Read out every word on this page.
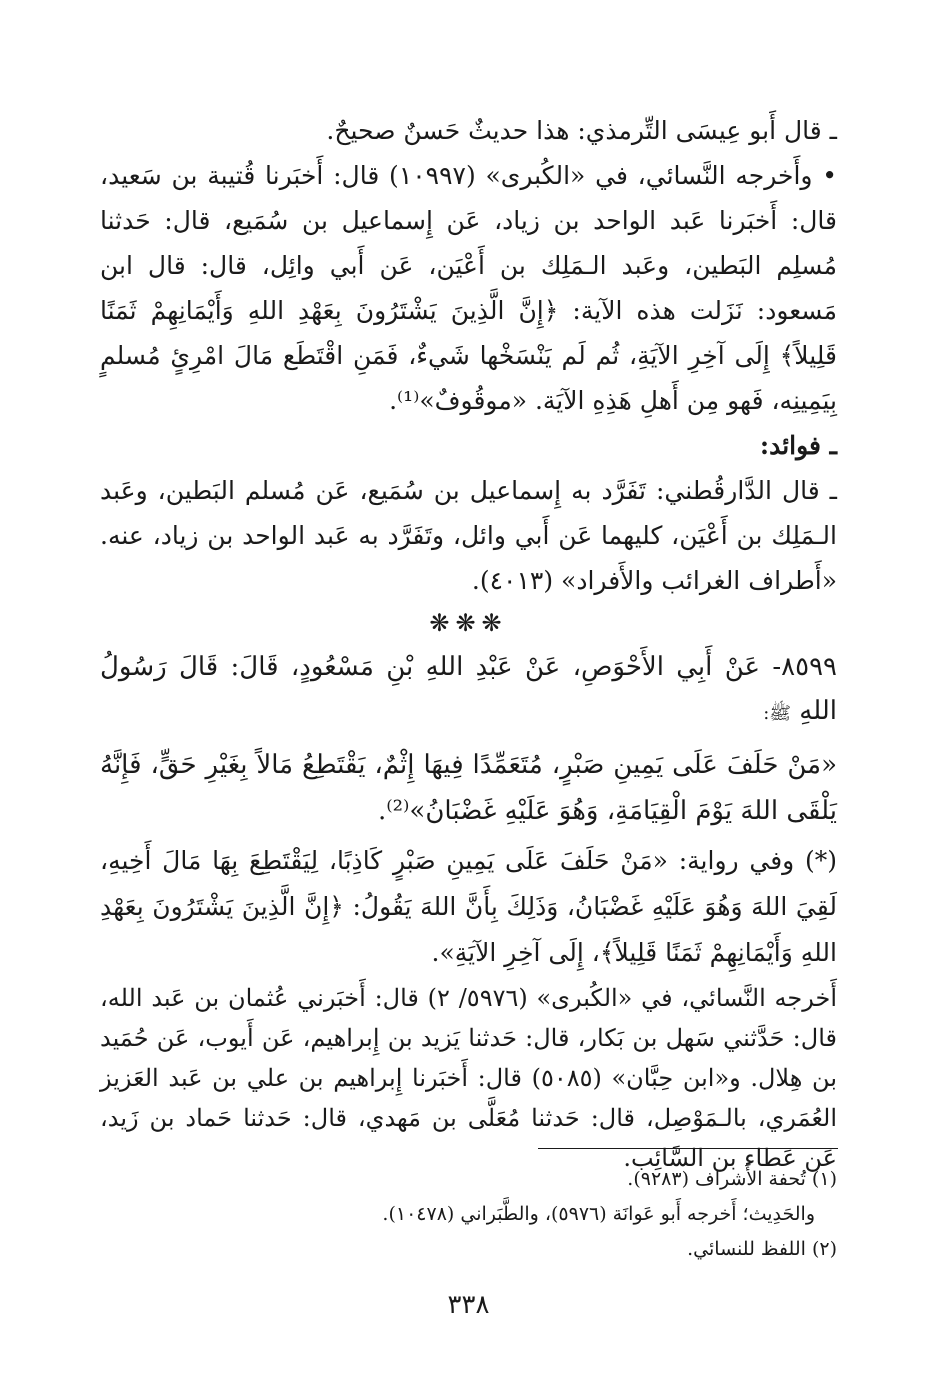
ـ قال أَبو عِيسَى التِّرمذي: هذا حديثٌ حَسنٌ صحيحٌ.

• وأَخرجه النَّسائي، في «الكُبرى» (١٠٩٩٧) قال: أَخبَرنا قُتيبة بن سَعيد، قال: أَخبَرنا عَبد الواحد بن زياد، عَن إِسماعيل بن سُمَيع، قال: حَدثنا مُسلِم البَطين، وعَبد الـمَلِك بن أَعْيَن، عَن أَبي وائِل، قال: قال ابن مَسعود: نَزَلت هذه الآية: ﴿إِنَّ الَّذِينَ يَشْتَرُونَ بِعَهْدِ اللهِ وَأَيْمَانِهِمْ ثَمَنًا قَلِيلاً﴾ إِلَى آخِرِ الآيَةِ، ثُم لَم يَنْسَخْها شَيءٌ، فَمَنِ اقْتَطَع مَالَ امْرِئٍ مُسلمٍ بِيَمِينِه، فَهو مِن أَهلِ هَذِهِ الآيَة. «موقُوفٌ»⁽¹⁾.

ـ فوائد:

ـ قال الدَّارقُطني: تَفَرَّد به إِسماعيل بن سُمَيع، عَن مُسلم البَطين، وعَبد الـمَلِك بن أَعْيَن، كليهما عَن أَبي وائل، وتَفَرَّد به عَبد الواحد بن زياد، عنه. «أَطراف الغرائب والأَفراد» (٤٠١٣).

❋❋❋

٨٥٩٩- عَنْ أَبِي الأَحْوَصِ، عَنْ عَبْدِ اللهِ بْنِ مَسْعُودٍ، قَالَ: قَالَ رَسُولُ اللهِ ﷺ:

«مَنْ حَلَفَ عَلَى يَمِينِ صَبْرٍ، مُتَعَمِّدًا فِيهَا إِثْمٌ، يَقْتَطِعُ مَالاً بِغَيْرِ حَقٍّ، فَإِنَّهُ يَلْقَى اللهَ يَوْمَ الْقِيَامَةِ، وَهُوَ عَلَيْهِ غَضْبَانُ»⁽²⁾.

(*) وفي رواية: «مَنْ حَلَفَ عَلَى يَمِينِ صَبْرٍ كَاذِبًا، لِيَقْتَطِعَ بِهَا مَالَ أَخِيهِ، لَقِيَ اللهَ وَهُوَ عَلَيْهِ غَضْبَانُ، وَذَلِكَ بِأَنَّ اللهَ يَقُولُ: ﴿إِنَّ الَّذِينَ يَشْتَرُونَ بِعَهْدِ اللهِ وَأَيْمَانِهِمْ ثَمَنًا قَلِيلاً﴾، إِلَى آخِرِ الآيَةِ».

أَخرجه النَّسائي، في «الكُبرى» (٥٩٧٦/ ٢) قال: أَخبَرني عُثمان بن عَبد الله، قال: حَدَّثني سَهل بن بَكار، قال: حَدثنا يَزيد بن إِبراهيم، عَن أَيوب، عَن حُمَيد بن هِلال. و«ابن حِبَّان» (٥٠٨٥) قال: أَخبَرنا إِبراهيم بن علي بن عَبد العَزيز العُمَري، بالـمَوْصِل، قال: حَدثنا مُعَلَّى بن مَهدي، قال: حَدثنا حَماد بن زَيد، عَن عَطاء بن السَّائِب.

(١) تُحفة الأَشراف (٩٢٨٣).

والحَدِيث؛ أَخرجه أَبو عَوانَة (٥٩٧٦)، والطَّبَراني (١٠٤٧٨).

(٢) اللفظ للنسائي.

٣٣٨
